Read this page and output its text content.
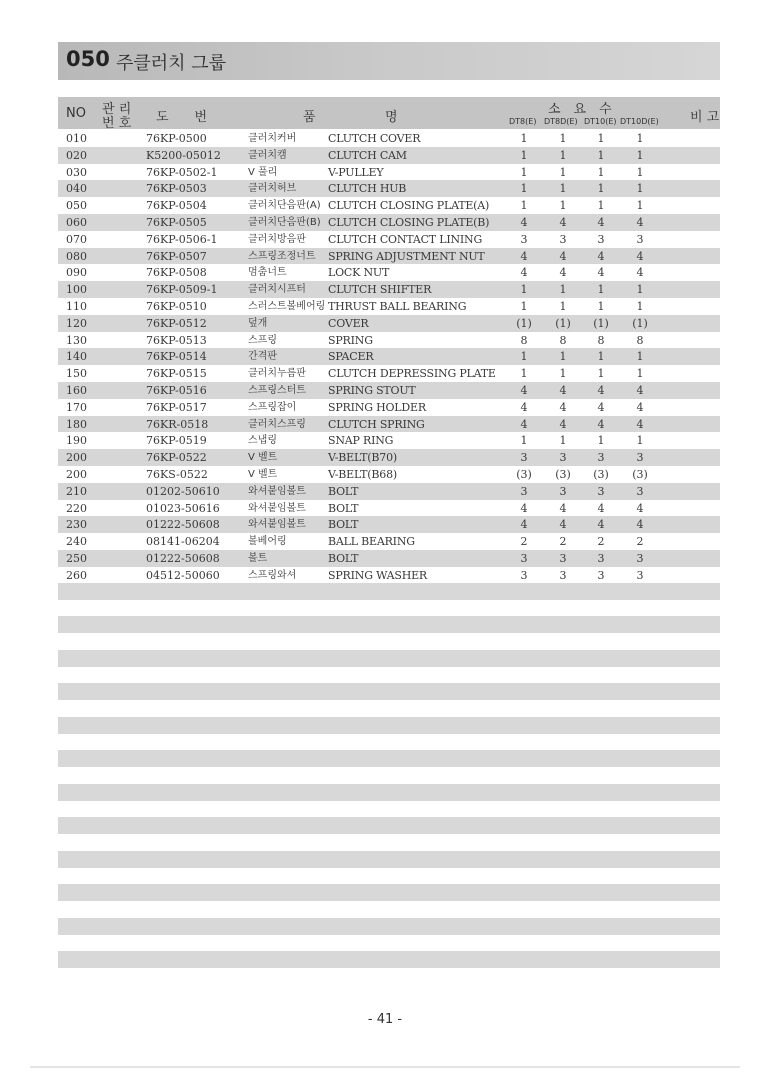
050 주클러치 그룹
NO 관 리
번 호 도　　번	품	명
소　요　수
DT8(E) DT8D(E) DT10(E) DT10D(E) 비 고
010	76KP-0500	클러치커버	CLUTCH COVER	1	1	1	1
020	K5200-05012	클러치캠	CLUTCH CAM	1	1	1	1
030	76KP-0502-1	V 풀리	V-PULLEY	1	1	1	1
040	76KP-0503	클러치허브	CLUTCH HUB	1	1	1	1
050	76KP-0504	클러치단음판(A) CLUTCH CLOSING PLATE(A)	1	1	1	1
060	76KP-0505	클러치단음판(B) CLUTCH CLOSING PLATE(B)	4	4	4	4
070	76KP-0506-1	클러치방음판 CLUTCH CONTACT LINING	3	3	3	3
080	76KP-0507	스프링조정너트 SPRING ADJUSTMENT NUT	4	4	4	4
090	76KP-0508	멈춤너트	LOCK NUT	4	4	4	4
100	76KP-0509-1	클러치시프터 CLUTCH SHIFTER	1	1	1	1
110	76KP-0510	스러스트볼베어링 THRUST BALL BEARING	1	1	1	1
120	76KP-0512	덮개	COVER	(1)	(1)	(1)	(1)
130	76KP-0513	스프링	SPRING	8	8	8	8
140	76KP-0514	간격판	SPACER	1	1	1	1
150	76KP-0515	클러치누름판 CLUTCH DEPRESSING PLATE	1	1	1	1
160	76KP-0516	스프링스터트 SPRING STOUT	4	4	4	4
170	76KP-0517	스프링잡이	SPRING HOLDER	4	4	4	4
180	76KR-0518	클러치스프링 CLUTCH SPRING	4	4	4	4
190	76KP-0519	스냅링	SNAP RING	1	1	1	1
200	76KP-0522	V 벨트	V-BELT(B70)	3	3	3	3
200	76KS-0522	V 벨트	V-BELT(B68)	(3)	(3)	(3)	(3)
210	01202-50610	와셔붙임볼트 BOLT	3	3	3	3
220	01023-50616	와셔붙임볼트 BOLT	4	4	4	4
230	01222-50608	와셔붙임볼트 BOLT	4	4	4	4
240	08141-06204	볼베어링	BALL BEARING	2	2	2	2
250	01222-50608	볼트	BOLT	3	3	3	3
260	04512-50060	스프링와셔	SPRING WASHER	3	3	3	3
- 41 -
